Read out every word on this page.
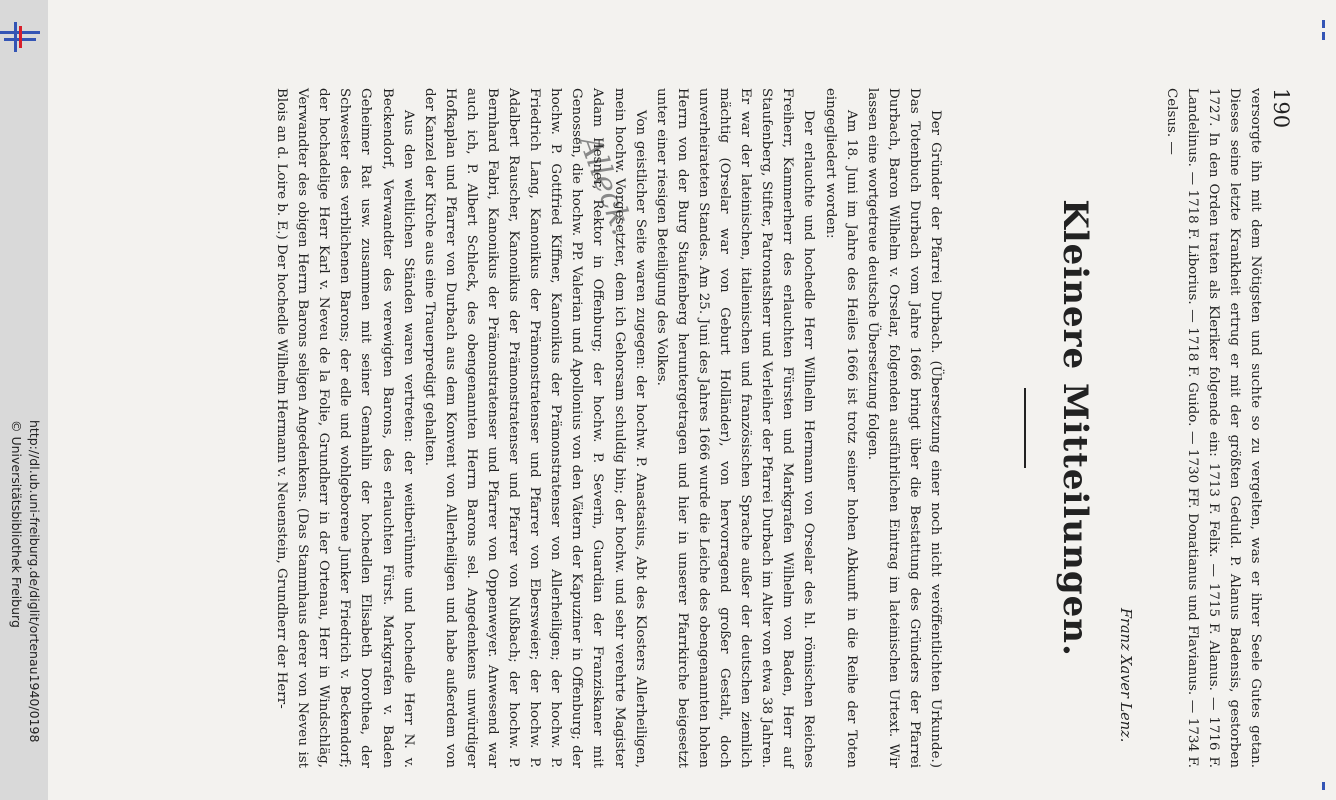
http://dl.ub.uni-freiburg.de/diglit/ortenau1940/0198
© Universitätsbibliothek Freiburg
Alleck.
190
versorgte ihn mit dem Nötigsten und suchte so zu vergelten, was er ihrer Seele Gutes getan. Dieses seine letzte Krankheit ertrug er mit der größten Geduld. P. Alanus Badensis, gestorben 1727. In den Orden traten als Kleriker folgende ein: 1713 F. Felix. — 1715 F. Alanus. — 1716 F. Landelinus. — 1718 F. Liborius. — 1718 F. Guido. — 1730 FF. Donatianus und Flavianus. — 1734 F. Celsus. —
Franz Xaver Lenz.
Kleinere Mitteilungen.

Der Gründer der Pfarrei Durbach. (Übersetzung einer noch nicht veröffentlichten Urkunde.) Das Totenbuch Durbach vom Jahre 1666 bringt über die Bestattung des Gründers der Pfarrei Durbach, Baron Wilhelm v. Orselar, folgenden ausführlichen Eintrag im lateinischen Urtext. Wir lassen eine wortgetreue deutsche Übersetzung folgen.

Am 18. Juni im Jahre des Heiles 1666 ist trotz seiner hohen Abkunft in die Reihe der Toten eingegliedert worden:

Der erlauchte und hochedle Herr Wilhelm Hermann von Orselar des hl. römischen Reiches Freiherr, Kammerherr des erlauchten Fürsten und Markgrafen Wilhelm von Baden, Herr auf Staufenberg, Stifter, Patronatsherr und Verleiher der Pfarrei Durbach im Alter von etwa 38 Jahren. Er war der lateinischen, italienischen und französischen Sprache außer der deutschen ziemlich mächtig (Orselar war von Geburt Holländer), von hervorragend großer Gestalt, doch unverheirateten Standes. Am 25. Juni des Jahres 1666 wurde die Leiche des obengenannten hohen Herrn von der Burg Staufenberg heruntergetragen und hier in unserer Pfarrkirche beigesetzt unter einer riesigen Beteiligung des Volkes.

Von geistlicher Seite waren zugegen: der hochw. P. Anastasius, Abt des Klosters Allerheiligen, mein hochw. Vorgesetzter, dem ich Gehorsam schuldig bin; der hochw. und sehr verehrte Magister Adam Hesner, Rektor in Offenburg; der hochw. P. Severin, Guardian der Franziskaner mit Genossen, die hochw. PP. Valerian und Apollonius von den Vätern der Kapuziner in Offenburg; der hochw. P. Gottfried Kiffner, Kanonikus der Prämonstratenser von Allerheiligen; der hochw. P. Friedrich Lang, Kanonikus der Prämonstratenser und Pfarrer von Ebersweier; der hochw. P. Adalbert Rauscher, Kanonikus der Prämonstratenser und Pfarrer von Nußbach; der hochw. P. Bernhard Fabri, Kanonikus der Prämonstratenser und Pfarrer von Oppenweyer. Anwesend war auch ich, P. Albert Schleck, des obengenannten Herrn Barons sel. Angedenkens unwürdiger Hofkaplan und Pfarrer von Durbach aus dem Konvent von Allerheiligen und habe außerdem von der Kanzel der Kirche aus eine Trauerpredigt gehalten.

Aus den weltlichen Ständen waren vertreten: der weitberühmte und hochedle Herr N. v. Beckendorf, Verwandter des verewigten Barons, des erlauchten Fürst. Markgrafen v. Baden Geheimer Rat usw. zusammen mit seiner Gemahlin der hochedlen Elisabeth Dorothea, der Schwester des verblichenen Barons; der edle und wohlgeborene Junker Friedrich v. Beckendorf; der hochadelige Herr Karl v. Neveu de la Folie, Grundherr in der Ortenau, Herr in Windschläg, Verwandter des obigen Herrn Barons seligen Angedenkens. (Das Stammhaus derer von Neveu ist Blois an d. Loire b. E.) Der hochedle Wilhelm Hermann v. Neuenstein, Grundherr der Herr-
